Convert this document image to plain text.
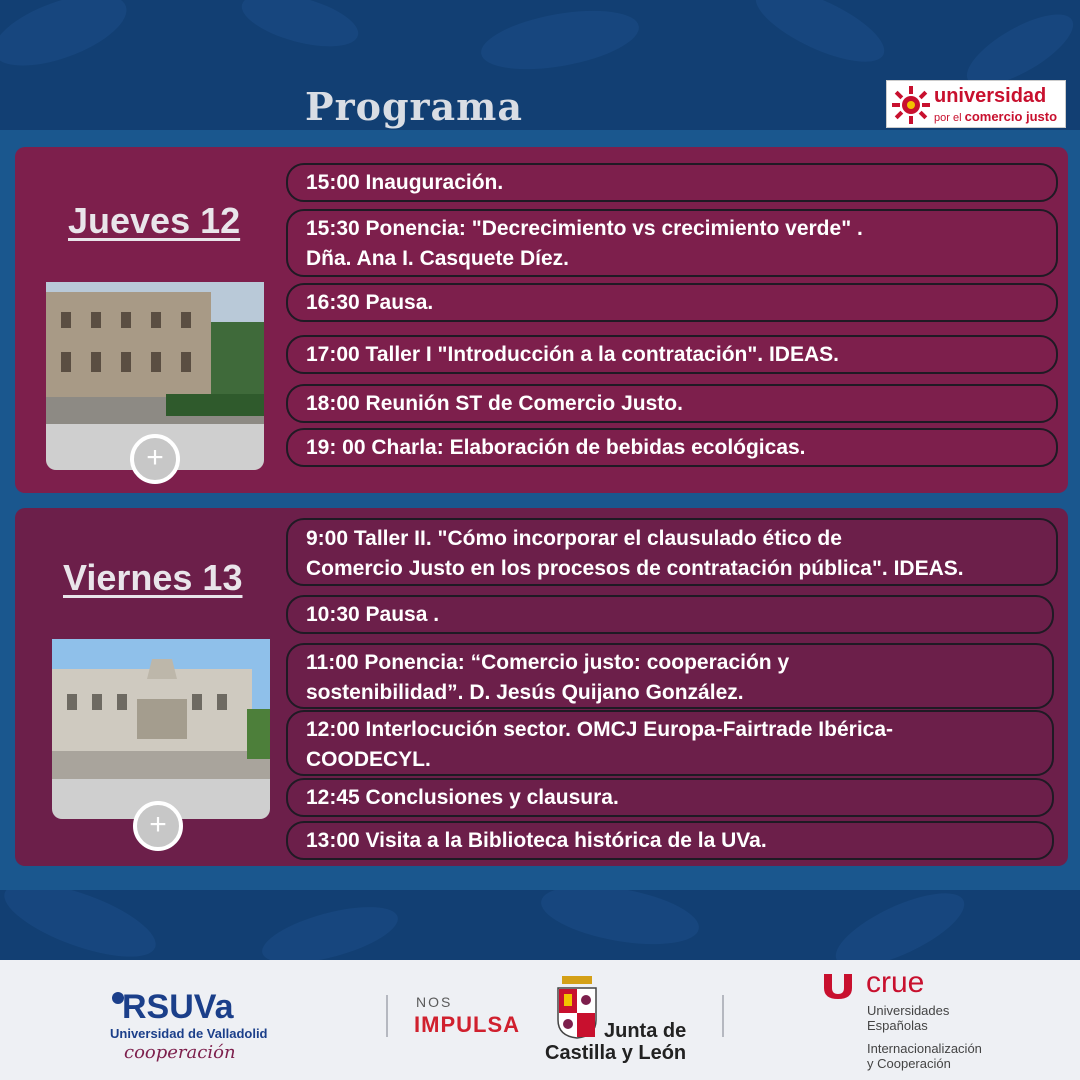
Programa	universidad
por el comercio justo
Jueves 12
+
15:00 Inauguración.
15:30 Ponencia: "Decrecimiento vs crecimiento verde" .
Dña. Ana I. Casquete Díez.
16:30 Pausa.
17:00 Taller I "Introducción a la contratación". IDEAS.
18:00 Reunión ST de Comercio Justo.
19: 00 Charla: Elaboración de bebidas ecológicas.
Viernes 13
+
9:00 Taller II. "Cómo incorporar el clausulado ético de
Comercio Justo en los procesos de contratación pública". IDEAS.
10:30 Pausa .
11:00 Ponencia: “Comercio justo: cooperación y
sostenibilidad”. D. Jesús Quijano González.
12:00 Interlocución sector. OMCJ Europa-Fairtrade Ibérica-
COODECYL.
12:45 Conclusiones y clausura.
13:00 Visita a la Biblioteca histórica de la UVa.
RSUVa
Universidad de Valladolid
cooperación
NOS
IMPULSA	Junta de
Castilla y León
crue
Universidades
Españolas
Internacionalización
y Cooperación
